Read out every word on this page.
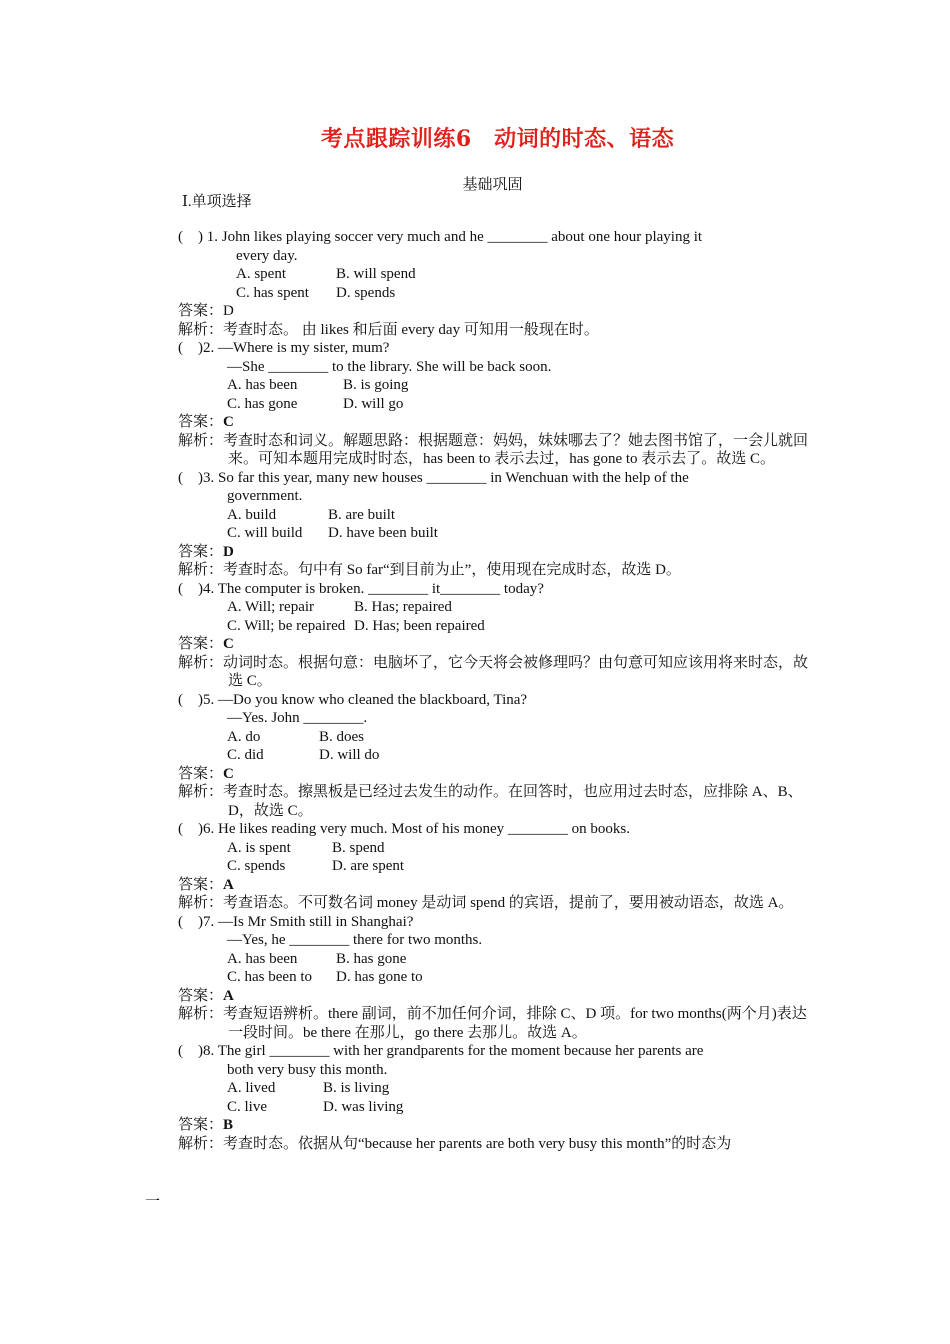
考点跟踪训练6　动词的时态、语态
基础巩固
Ⅰ.单项选择
(　) 1. John likes playing soccer very much and he ________ about one hour playing it
every day.
A. spent	B. will spend
C. has spent D. spends
答案：D
解析：考查时态。 由 likes 和后面 every day 可知用一般现在时。
(　)2. —Where is my sister, mum?
—She ________ to the library. She will be back soon.
A. has been	B. is going
C. has gone	D. will go
答案：C
解析：考查时态和词义。解题思路：根据题意：妈妈，妹妹哪去了？她去图书馆了，一会儿就回来。可知本题用完成时时态，has been to 表示去过，has gone to 表示去了。故选 C。
(　)3. So far this year, many new houses ________ in Wenchuan with the help of the
government.
A. build	B. are built
C. will build D. have been built
答案：D
解析：考查时态。句中有 So far“到目前为止”，使用现在完成时态，故选 D。
(　)4. The computer is broken. ________ it________ today?
A. Will; repair	B. Has; repaired
C. Will; be repaired D. Has; been repaired
答案：C
解析：动词时态。根据句意：电脑坏了，它今天将会被修理吗？由句意可知应该用将来时态，故选 C。
(　)5. —Do you know who cleaned the blackboard, Tina?
—Yes. John ________.
A. do	B. does
C. did	D. will do
答案：C
解析：考查时态。擦黑板是已经过去发生的动作。在回答时，也应用过去时态，应排除 A、B、D，故选 C。
(　)6. He likes reading very much. Most of his money ________ on books.
A. is spent	B. spend
C. spends	D. are spent
答案：A
解析：考查语态。不可数名词 money 是动词 spend 的宾语，提前了，要用被动语态，故选 A。
(　)7. —Is Mr Smith still in Shanghai?
—Yes, he ________ there for two months.
A. has been	B. has gone
C. has been to D. has gone to
答案：A
解析：考查短语辨析。there 副词，前不加任何介词，排除 C、D 项。for two months(两个月)表达一段时间。be there 在那儿，go there 去那儿。故选 A。
(　)8. The girl ________ with her grandparents for the moment because her parents are
both very busy this month.
A. lived	B. is living
C. live	D. was living
答案：B
解析：考查时态。依据从句“because her parents are both very busy this month”的时态为
一
